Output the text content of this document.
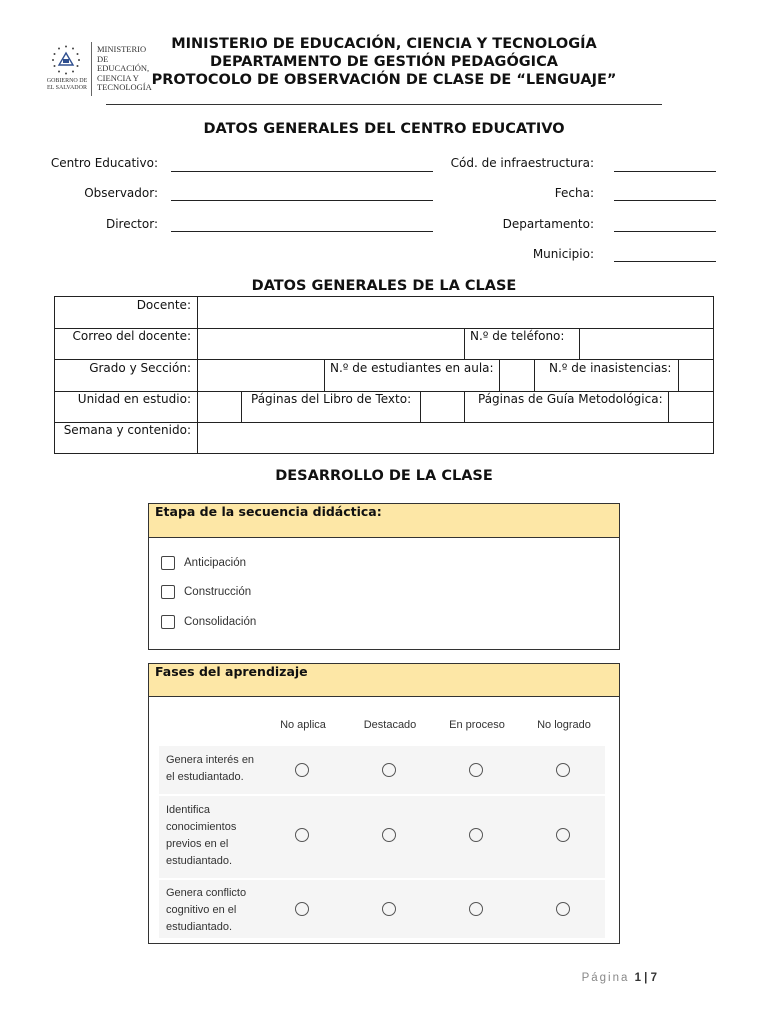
GOBIERNO DE EL SALVADOR
MINISTERIO
DE EDUCACIÓN,
CIENCIA Y
TECNOLOGÍA
MINISTERIO DE EDUCACIÓN, CIENCIA Y TECNOLOGÍA
DEPARTAMENTO DE GESTIÓN PEDAGÓGICA
PROTOCOLO DE OBSERVACIÓN DE CLASE DE “LENGUAJE”
DATOS GENERALES DEL CENTRO EDUCATIVO
Centro Educativo:
Observador:
Director:
Cód. de infraestructura:
Fecha:
Departamento:
Municipio:
DATOS GENERALES DE LA CLASE
Docente:
Correo del docente:	N.º de teléfono:
Grado y Sección:	N.º de estudiantes en aula:	N.º de inasistencias:
Unidad en estudio:	Páginas del Libro de Texto:	Páginas de Guía Metodológica:
Semana y contenido:
DESARROLLO DE LA CLASE
Etapa de la secuencia didáctica:
Anticipación
Construcción
Consolidación
Fases del aprendizaje
No aplica	Destacado	En proceso	No logrado
Genera interés en
el estudiantado.
Identifica
conocimientos
previos en el
estudiantado.
Genera conflicto
cognitivo en el
estudiantado.
Página 1 | 7
